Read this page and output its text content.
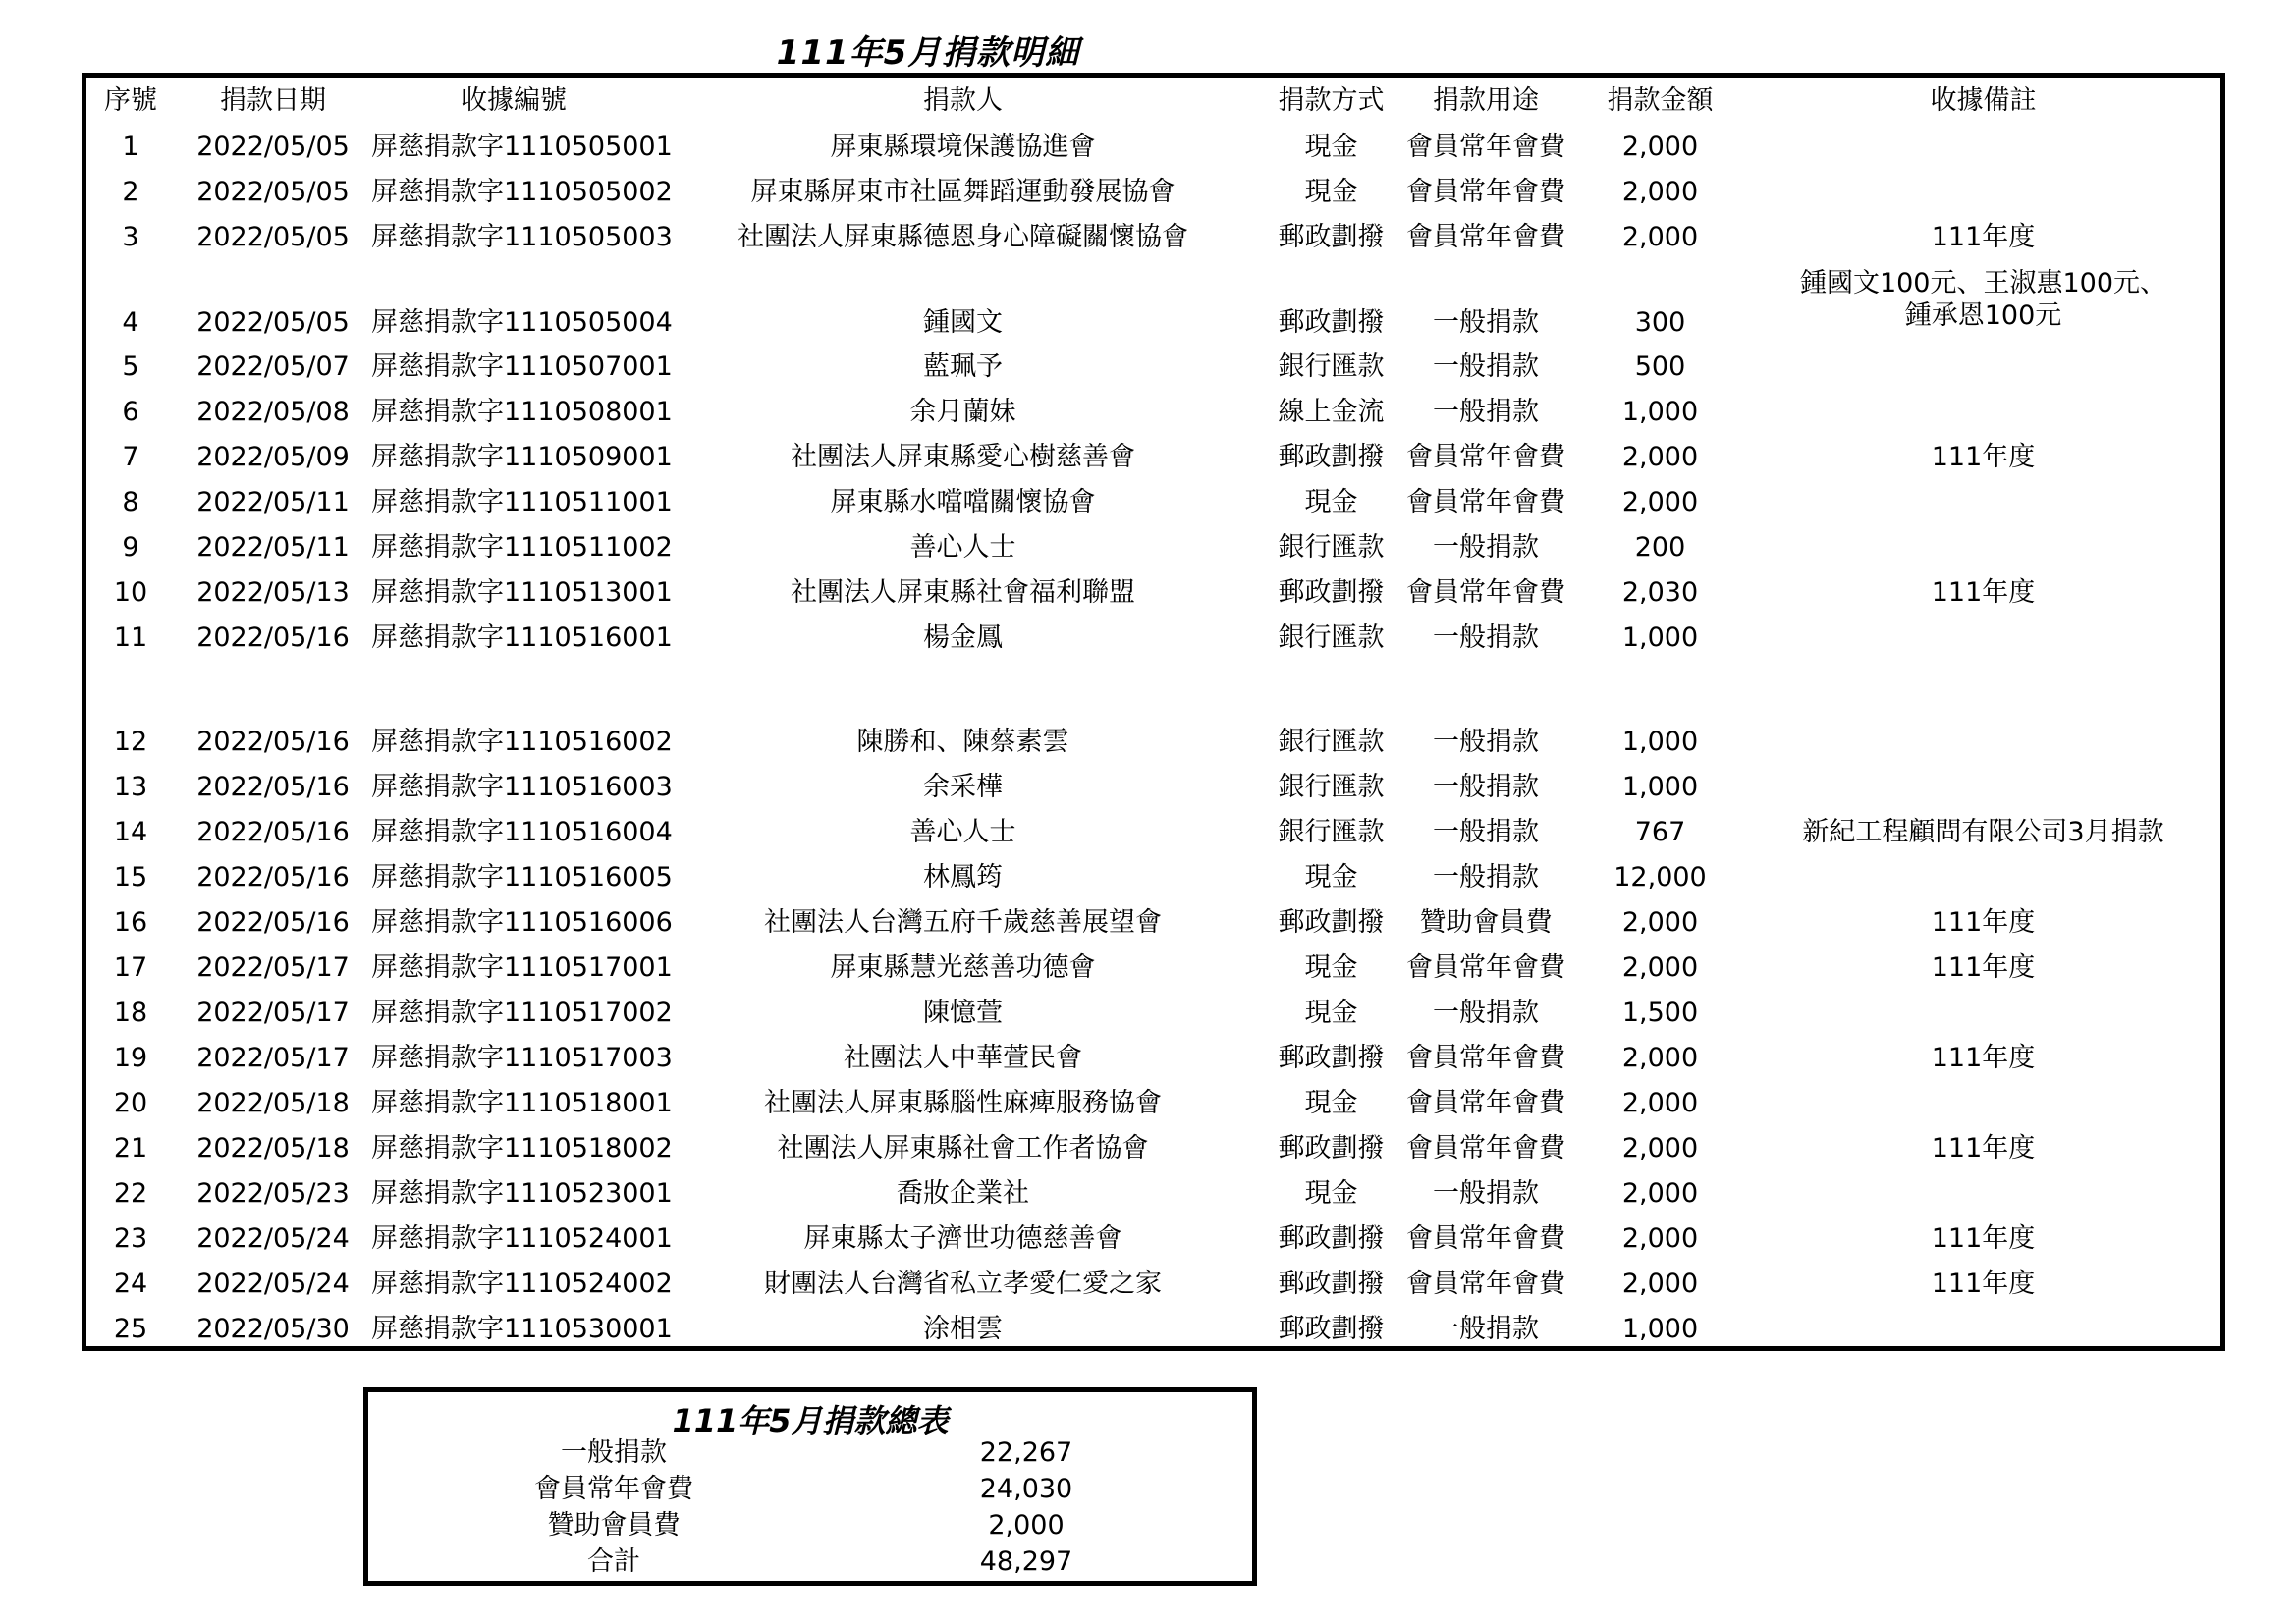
111年5月捐款明細
序號	捐款日期	收據編號	捐款人	捐款方式	捐款用途	捐款金額	收據備註
1	2022/05/05	屏慈捐款字1110505001	屏東縣環境保護協進會	現金	會員常年會費	2,000	
2	2022/05/05	屏慈捐款字1110505002	屏東縣屏東市社區舞蹈運動發展協會	現金	會員常年會費	2,000	
3	2022/05/05	屏慈捐款字1110505003	社團法人屏東縣德恩身心障礙關懷協會	郵政劃撥	會員常年會費	2,000	111年度
4	2022/05/05	屏慈捐款字1110505004	鍾國文	郵政劃撥	一般捐款	300	鍾國文100元、王淑惠100元、
鍾承恩100元

5	2022/05/07	屏慈捐款字1110507001	藍珮予	銀行匯款	一般捐款	500	
6	2022/05/08	屏慈捐款字1110508001	余月蘭妹	線上金流	一般捐款	1,000	
7	2022/05/09	屏慈捐款字1110509001	社團法人屏東縣愛心樹慈善會	郵政劃撥	會員常年會費	2,000	111年度
8	2022/05/11	屏慈捐款字1110511001	屏東縣水噹噹關懷協會	現金	會員常年會費	2,000	
9	2022/05/11	屏慈捐款字1110511002	善心人士	銀行匯款	一般捐款	200	
10	2022/05/13	屏慈捐款字1110513001	社團法人屏東縣社會福利聯盟	郵政劃撥	會員常年會費	2,030	111年度
11	2022/05/16	屏慈捐款字1110516001	楊金鳳	銀行匯款	一般捐款	1,000	

12	2022/05/16	屏慈捐款字1110516002	陳勝和、陳蔡素雲	銀行匯款	一般捐款	1,000	
13	2022/05/16	屏慈捐款字1110516003	余采樺	銀行匯款	一般捐款	1,000	
14	2022/05/16	屏慈捐款字1110516004	善心人士	銀行匯款	一般捐款	767	新紀工程顧問有限公司3月捐款
15	2022/05/16	屏慈捐款字1110516005	林鳳筠	現金	一般捐款	12,000	
16	2022/05/16	屏慈捐款字1110516006	社團法人台灣五府千歲慈善展望會	郵政劃撥	贊助會員費	2,000	111年度
17	2022/05/17	屏慈捐款字1110517001	屏東縣慧光慈善功德會	現金	會員常年會費	2,000	111年度
18	2022/05/17	屏慈捐款字1110517002	陳憶萱	現金	一般捐款	1,500	
19	2022/05/17	屏慈捐款字1110517003	社團法人中華萱民會	郵政劃撥	會員常年會費	2,000	111年度
20	2022/05/18	屏慈捐款字1110518001	社團法人屏東縣腦性麻痺服務協會	現金	會員常年會費	2,000	
21	2022/05/18	屏慈捐款字1110518002	社團法人屏東縣社會工作者協會	郵政劃撥	會員常年會費	2,000	111年度
22	2022/05/23	屏慈捐款字1110523001	喬妝企業社	現金	一般捐款	2,000	
23	2022/05/24	屏慈捐款字1110524001	屏東縣太子濟世功德慈善會	郵政劃撥	會員常年會費	2,000	111年度
24	2022/05/24	屏慈捐款字1110524002	財團法人台灣省私立孝愛仁愛之家	郵政劃撥	會員常年會費	2,000	111年度
25	2022/05/30	屏慈捐款字1110530001	涂相雲	郵政劃撥	一般捐款	1,000	
111年5月捐款總表
一般捐款	22,267
會員常年會費	24,030
贊助會員費	2,000
合計	48,297
